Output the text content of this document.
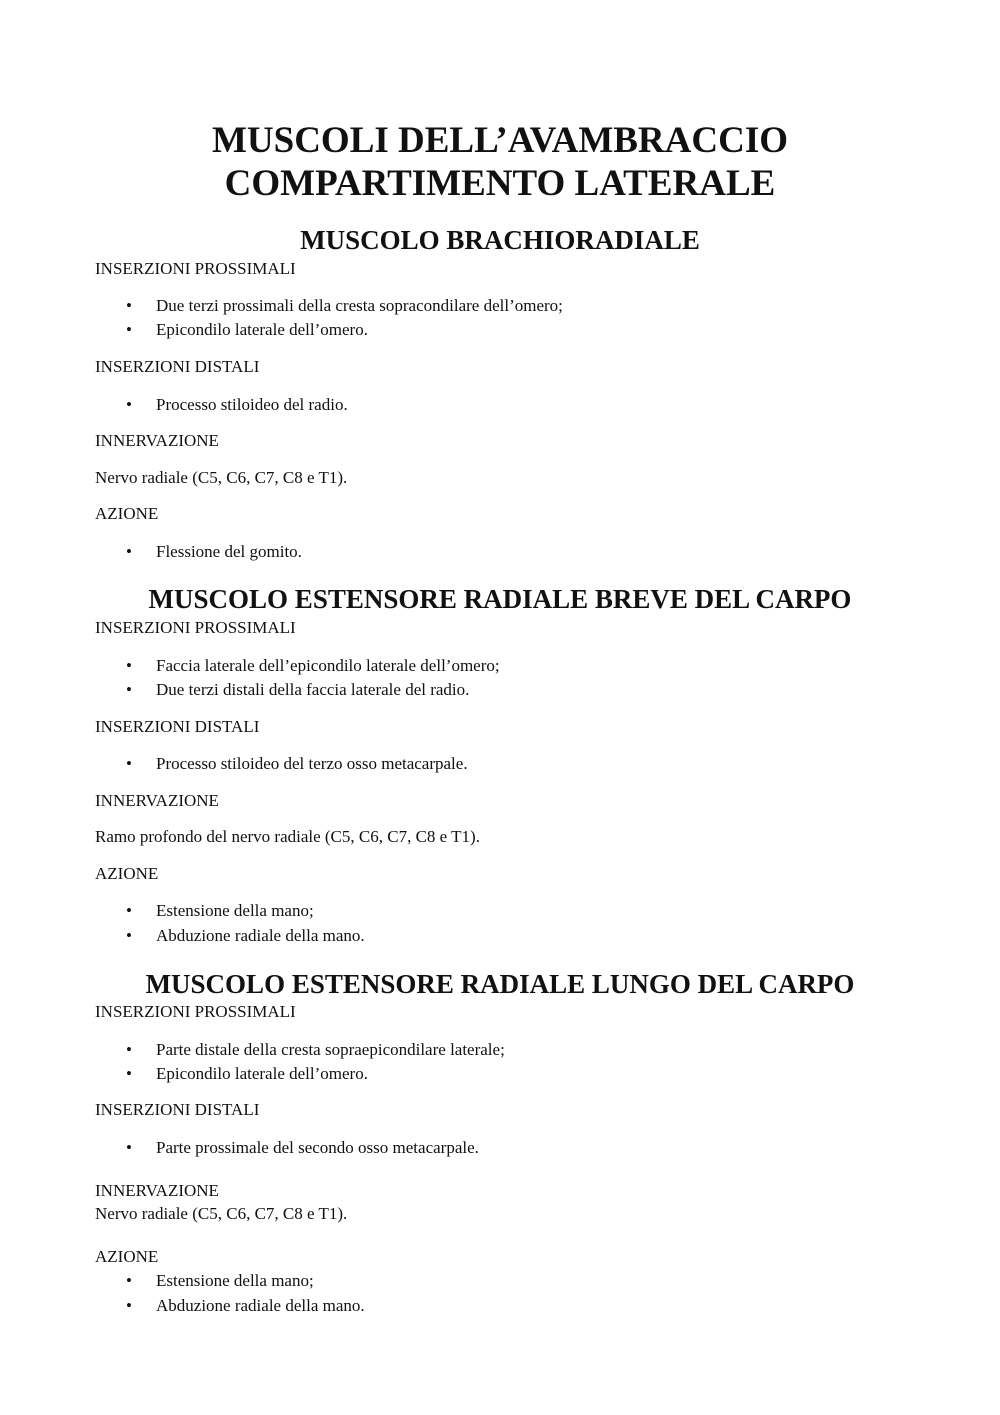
MUSCOLI DELL’AVAMBRACCIO
COMPARTIMENTO LATERALE
MUSCOLO BRACHIORADIALE
INSERZIONI PROSSIMALI
• Due terzi prossimali della cresta sopracondilare dell’omero;
• Epicondilo laterale dell’omero.
INSERZIONI DISTALI
• Processo stiloideo del radio.
INNERVAZIONE
Nervo radiale (C5, C6, C7, C8 e T1).
AZIONE
• Flessione del gomito.
MUSCOLO ESTENSORE RADIALE BREVE DEL CARPO
INSERZIONI PROSSIMALI
• Faccia laterale dell’epicondilo laterale dell’omero;
• Due terzi distali della faccia laterale del radio.
INSERZIONI DISTALI
• Processo stiloideo del terzo osso metacarpale.
INNERVAZIONE
Ramo profondo del nervo radiale (C5, C6, C7, C8 e T1).
AZIONE
• Estensione della mano;
• Abduzione radiale della mano.
MUSCOLO ESTENSORE RADIALE LUNGO DEL CARPO
INSERZIONI PROSSIMALI
• Parte distale della cresta sopraepicondilare laterale;
• Epicondilo laterale dell’omero.
INSERZIONI DISTALI
• Parte prossimale del secondo osso metacarpale.
INNERVAZIONE
Nervo radiale (C5, C6, C7, C8 e T1).
AZIONE
• Estensione della mano;
• Abduzione radiale della mano.
